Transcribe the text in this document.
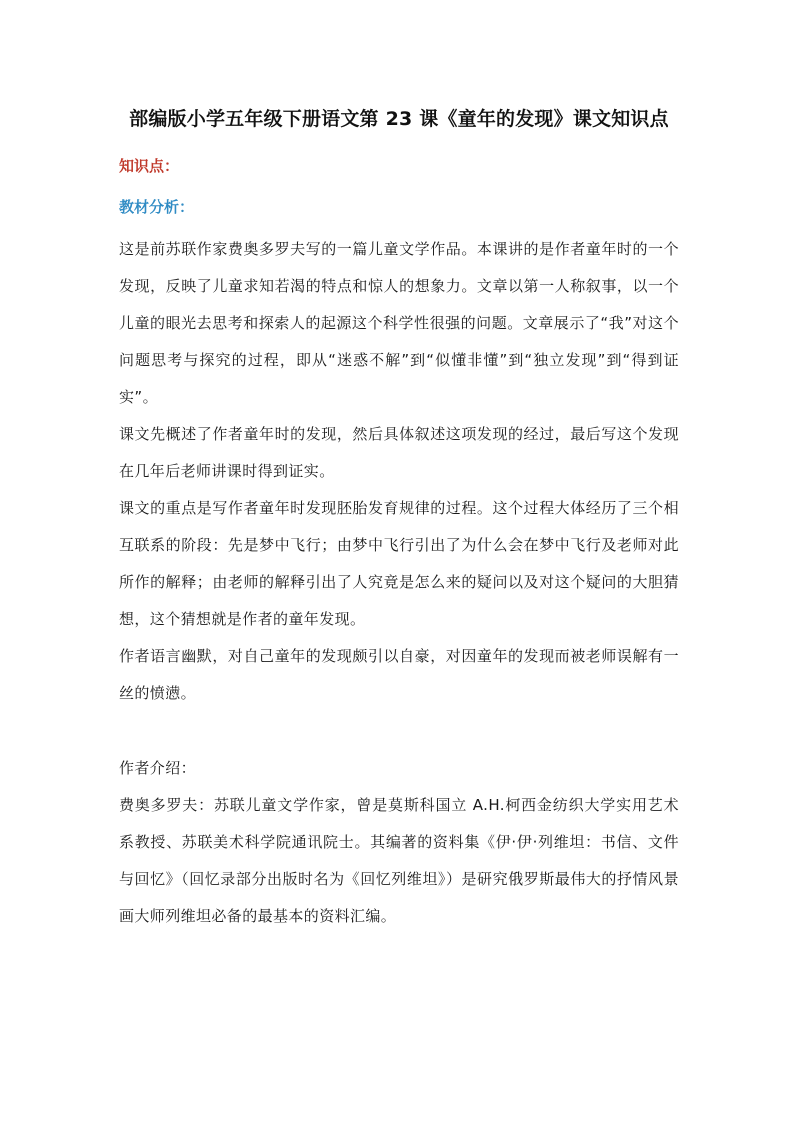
部编版小学五年级下册语文第 23 课《童年的发现》课文知识点
知识点：
教材分析：

这是前苏联作家费奥多罗夫写的一篇儿童文学作品。本课讲的是作者童年时的一个发现，反映了儿童求知若渴的特点和惊人的想象力。文章以第一人称叙事，以一个儿童的眼光去思考和探索人的起源这个科学性很强的问题。文章展示了“我”对这个问题思考与探究的过程，即从“迷惑不解”到“似懂非懂”到“独立发现”到“得到证实”。

课文先概述了作者童年时的发现，然后具体叙述这项发现的经过，最后写这个发现在几年后老师讲课时得到证实。

课文的重点是写作者童年时发现胚胎发育规律的过程。这个过程大体经历了三个相互联系的阶段：先是梦中飞行；由梦中飞行引出了为什么会在梦中飞行及老师对此所作的解释；由老师的解释引出了人究竟是怎么来的疑问以及对这个疑问的大胆猜想，这个猜想就是作者的童年发现。

作者语言幽默，对自己童年的发现颇引以自豪，对因童年的发现而被老师误解有一丝的愤懑。

作者介绍：

费奥多罗夫：苏联儿童文学作家，曾是莫斯科国立 A.H.柯西金纺织大学实用艺术系教授、苏联美术科学院通讯院士。其编著的资料集《伊·伊·列维坦：书信、文件与回忆》（回忆录部分出版时名为《回忆列维坦》）是研究俄罗斯最伟大的抒情风景画大师列维坦必备的最基本的资料汇编。
